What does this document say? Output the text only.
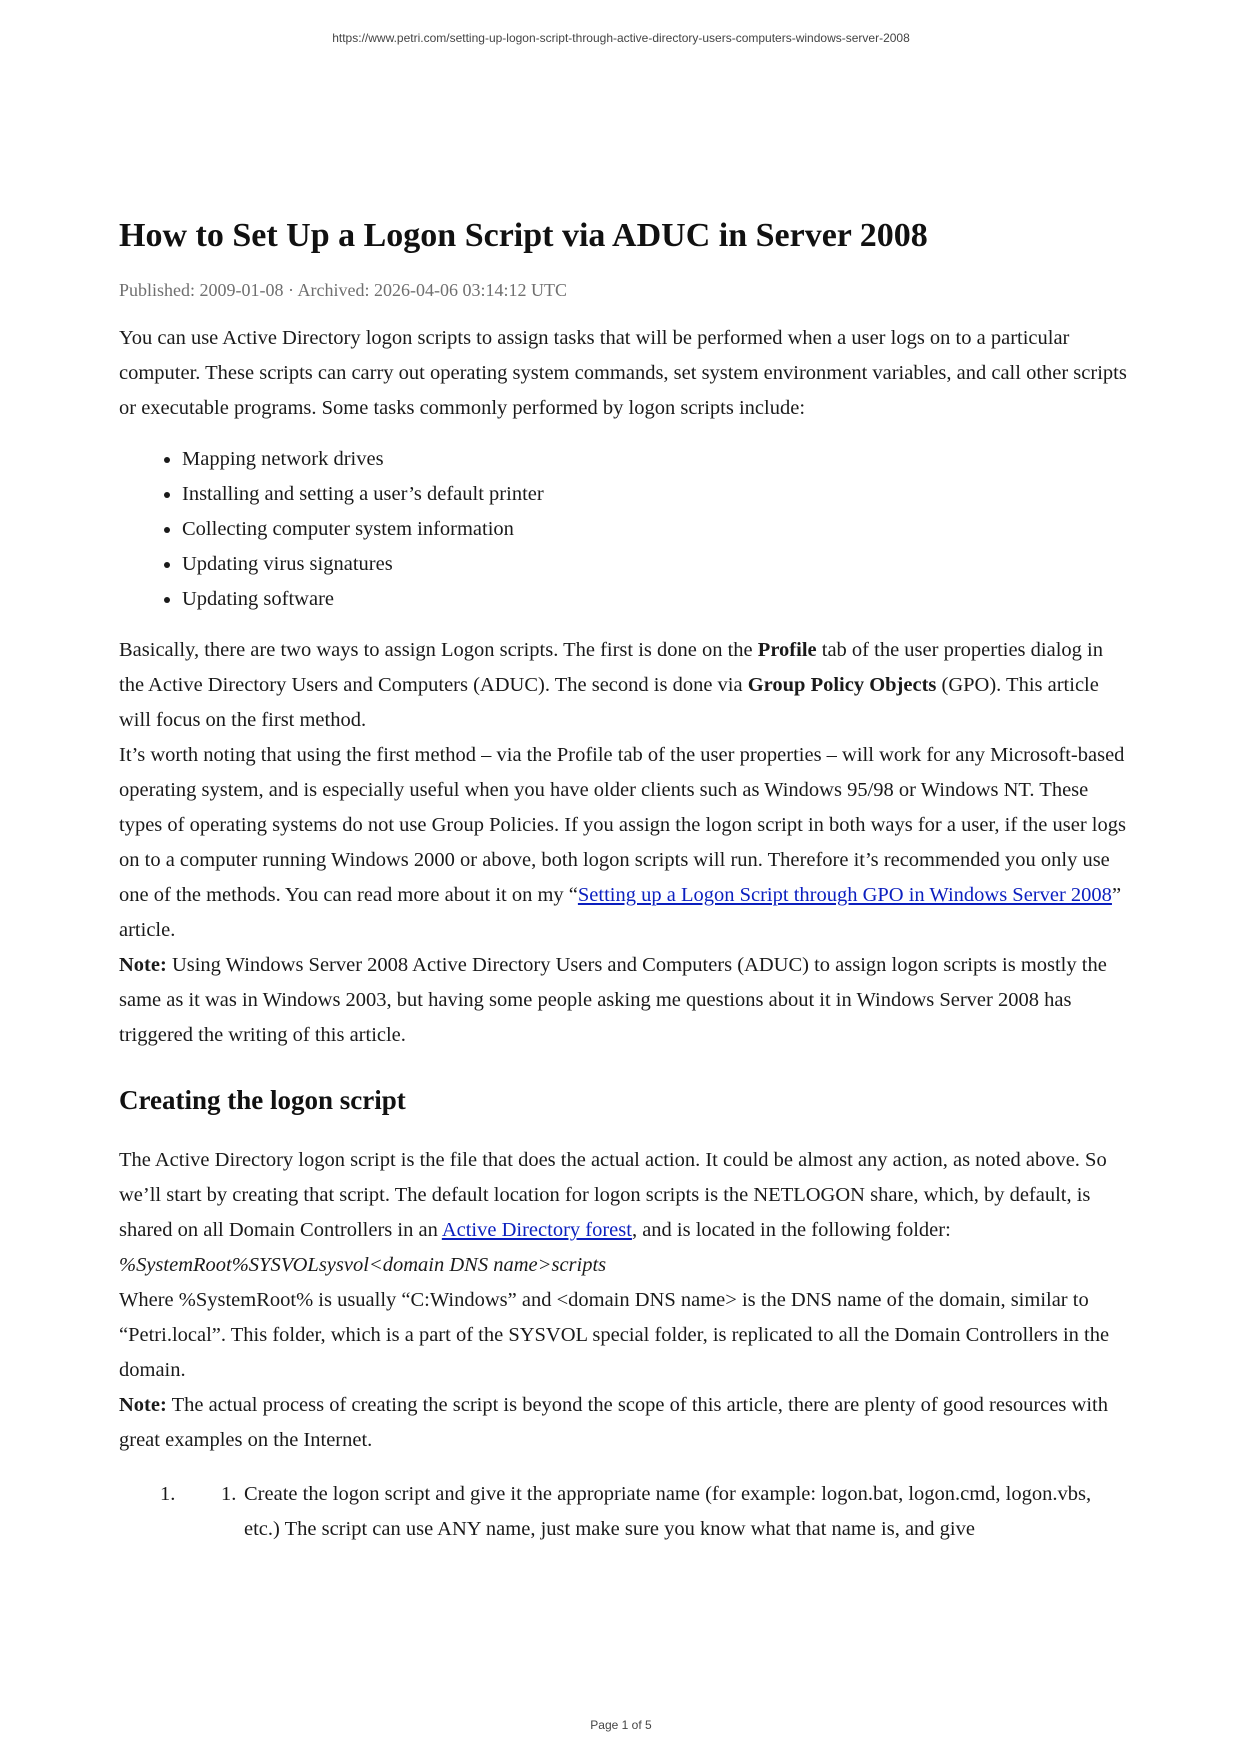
https://www.petri.com/setting-up-logon-script-through-active-directory-users-computers-windows-server-2008
How to Set Up a Logon Script via ADUC in Server 2008
Published: 2009-01-08 · Archived: 2026-04-06 03:14:12 UTC

You can use Active Directory logon scripts to assign tasks that will be performed when a user logs on to a particular computer. These scripts can carry out operating system commands, set system environment variables, and call other scripts or executable programs. Some tasks commonly performed by logon scripts include:

• Mapping network drives
• Installing and setting a user’s default printer
• Collecting computer system information
• Updating virus signatures
• Updating software

Basically, there are two ways to assign Logon scripts. The first is done on the Profile tab of the user properties dialog in the Active Directory Users and Computers (ADUC). The second is done via Group Policy Objects (GPO). This article will focus on the first method.

It’s worth noting that using the first method – via the Profile tab of the user properties – will work for any Microsoft-based operating system, and is especially useful when you have older clients such as Windows 95/98 or Windows NT. These types of operating systems do not use Group Policies. If you assign the logon script in both ways for a user, if the user logs on to a computer running Windows 2000 or above, both logon scripts will run. Therefore it’s recommended you only use one of the methods. You can read more about it on my “Setting up a Logon Script through GPO in Windows Server 2008” article.

Note: Using Windows Server 2008 Active Directory Users and Computers (ADUC) to assign logon scripts is mostly the same as it was in Windows 2003, but having some people asking me questions about it in Windows Server 2008 has triggered the writing of this article.

Creating the logon script

The Active Directory logon script is the file that does the actual action. It could be almost any action, as noted above. So we’ll start by creating that script. The default location for logon scripts is the NETLOGON share, which, by default, is shared on all Domain Controllers in an Active Directory forest, and is located in the following folder:

%SystemRoot%SYSVOLsysvol<domain DNS name>scripts

Where %SystemRoot% is usually “C:Windows” and <domain DNS name> is the DNS name of the domain, similar to “Petri.local”. This folder, which is a part of the SYSVOL special folder, is replicated to all the Domain Controllers in the domain.

Note: The actual process of creating the script is beyond the scope of this article, there are plenty of good resources with great examples on the Internet.

1. 1. Create the logon script and give it the appropriate name (for example: logon.bat, logon.cmd, logon.vbs, etc.) The script can use ANY name, just make sure you know what that name is, and give
Page 1 of 5
